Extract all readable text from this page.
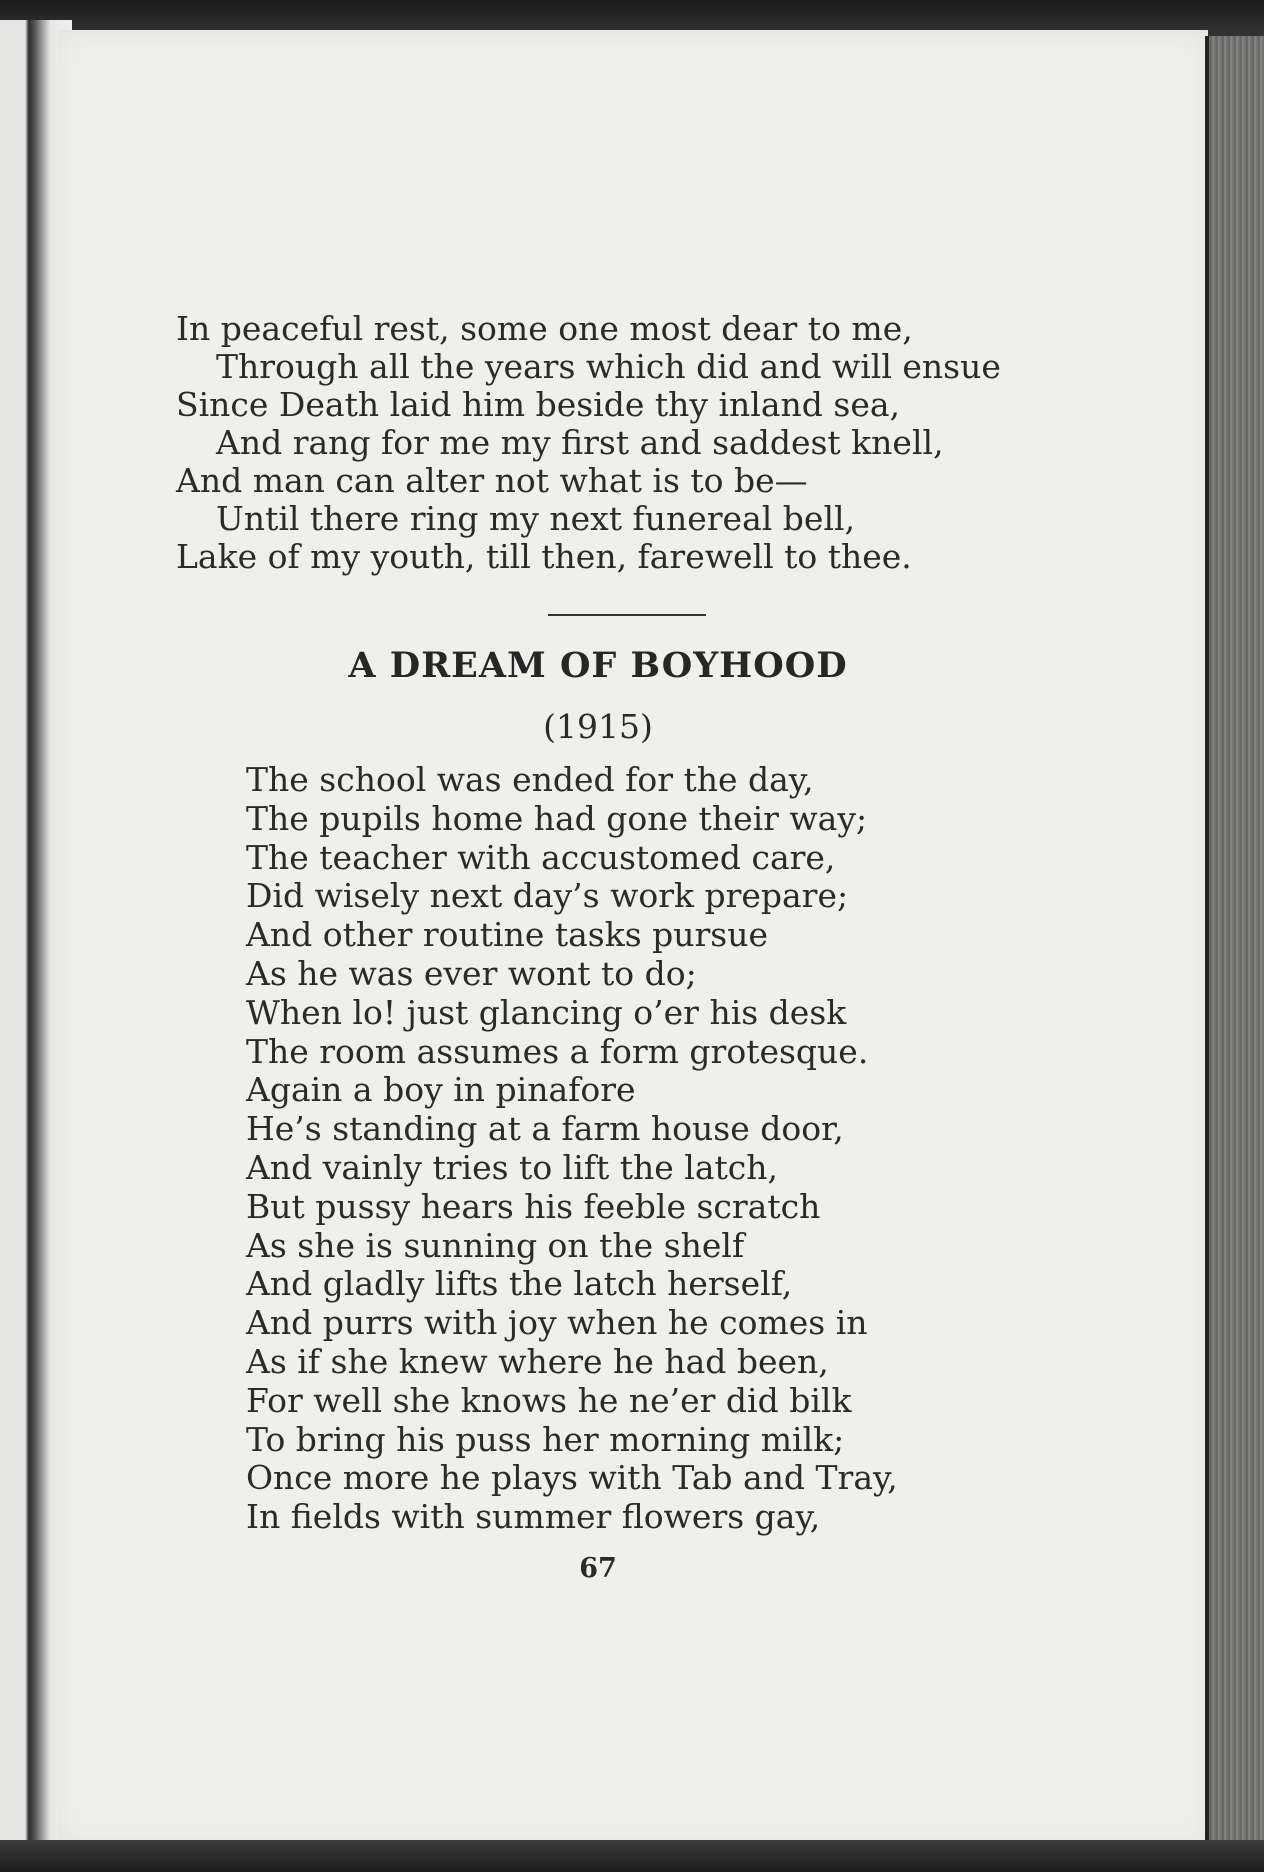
In peaceful rest, some one most dear to me,
Through all the years which did and will ensue
Since Death laid him beside thy inland sea,
And rang for me my first and saddest knell,
And man can alter not what is to be—
Until there ring my next funereal bell,
Lake of my youth, till then, farewell to thee.
A DREAM OF BOYHOOD
(1915)
The school was ended for the day,
The pupils home had gone their way;
The teacher with accustomed care,
Did wisely next day’s work prepare;
And other routine tasks pursue
As he was ever wont to do;
When lo! just glancing o’er his desk
The room assumes a form grotesque.
Again a boy in pinafore
He’s standing at a farm house door,
And vainly tries to lift the latch,
But pussy hears his feeble scratch
As she is sunning on the shelf
And gladly lifts the latch herself,
And purrs with joy when he comes in
As if she knew where he had been,
For well she knows he ne’er did bilk
To bring his puss her morning milk;
Once more he plays with Tab and Tray,
In fields with summer flowers gay,
67
